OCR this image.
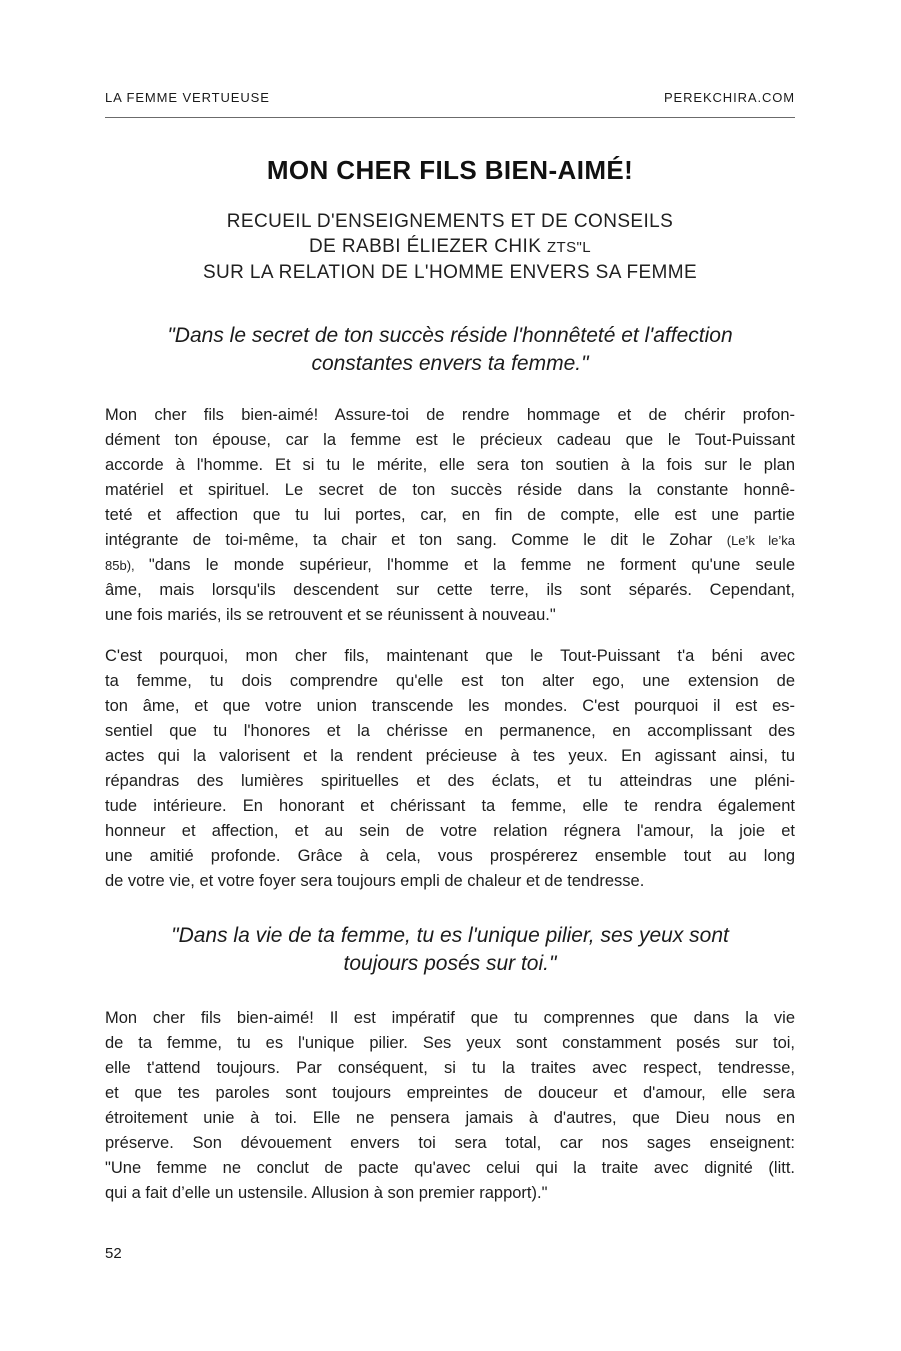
LA FEMME VERTUEUSE	PEREKCHIRA.COM
MON CHER FILS BIEN-AIMÉ!
RECUEIL D'ENSEIGNEMENTS ET DE CONSEILS
DE RABBI ÉLIEZER CHIK ZTS"L
SUR LA RELATION DE L'HOMME ENVERS SA FEMME
"Dans le secret de ton succès réside l'honnêteté et l'affection
constantes envers ta femme."
Mon cher fils bien-aimé! Assure-toi de rendre hommage et de chérir profon-
dément ton épouse, car la femme est le précieux cadeau que le Tout-Puissant
accorde à l'homme. Et si tu le mérite, elle sera ton soutien à la fois sur le plan
matériel et spirituel. Le secret de ton succès réside dans la constante honnê-
teté et affection que tu lui portes, car, en fin de compte, elle est une partie
intégrante de toi-même, ta chair et ton sang. Comme le dit le Zohar (Le’k le’ka
85b), "dans le monde supérieur, l'homme et la femme ne forment qu'une seule
âme, mais lorsqu'ils descendent sur cette terre, ils sont séparés. Cependant,
une fois mariés, ils se retrouvent et se réunissent à nouveau."
C'est pourquoi, mon cher fils, maintenant que le Tout-Puissant t'a béni avec
ta femme, tu dois comprendre qu'elle est ton alter ego, une extension de
ton âme, et que votre union transcende les mondes. C'est pourquoi il est es-
sentiel que tu l'honores et la chérisse en permanence, en accomplissant des
actes qui la valorisent et la rendent précieuse à tes yeux. En agissant ainsi, tu
répandras des lumières spirituelles et des éclats, et tu atteindras une pléni-
tude intérieure. En honorant et chérissant ta femme, elle te rendra également
honneur et affection, et au sein de votre relation régnera l'amour, la joie et
une amitié profonde. Grâce à cela, vous prospérerez ensemble tout au long
de votre vie, et votre foyer sera toujours empli de chaleur et de tendresse.
"Dans la vie de ta femme, tu es l'unique pilier, ses yeux sont
toujours posés sur toi."
Mon cher fils bien-aimé! Il est impératif que tu comprennes que dans la vie
de ta femme, tu es l'unique pilier. Ses yeux sont constamment posés sur toi,
elle t'attend toujours. Par conséquent, si tu la traites avec respect, tendresse,
et que tes paroles sont toujours empreintes de douceur et d'amour, elle sera
étroitement unie à toi. Elle ne pensera jamais à d'autres, que Dieu nous en
préserve. Son dévouement envers toi sera total, car nos sages enseignent:
"Une femme ne conclut de pacte qu'avec celui qui la traite avec dignité (litt.
qui a fait d’elle un ustensile. Allusion à son premier rapport)."
52
